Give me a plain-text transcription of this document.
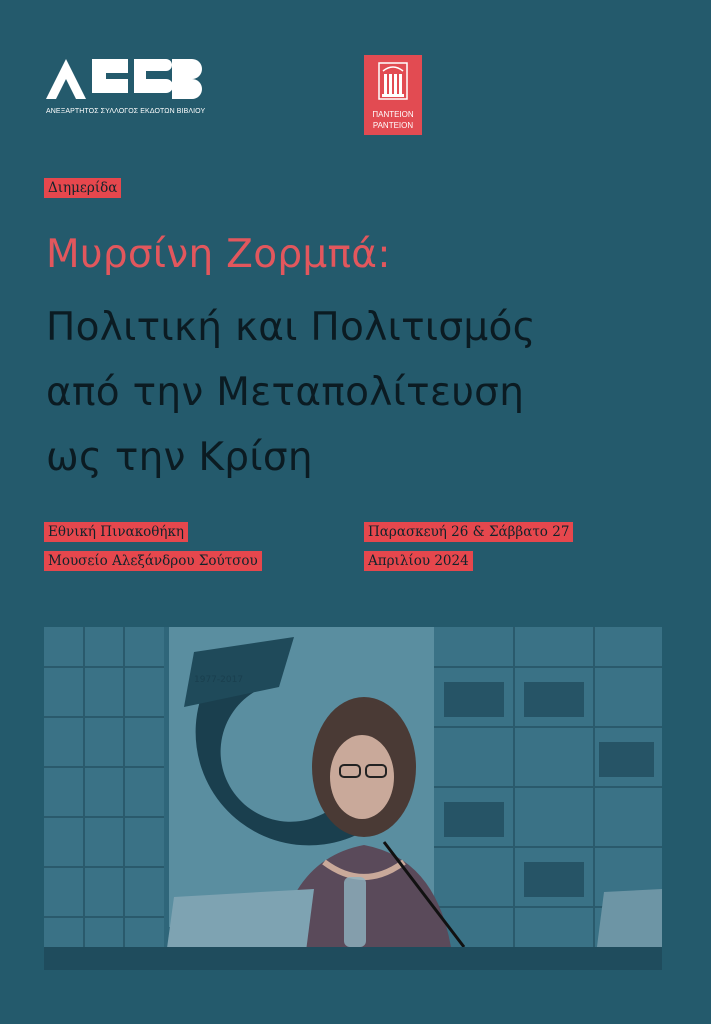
ΑΝΕΞΑΡΤΗΤΟΣ ΣΥΛΛΟΓΟΣ ΕΚΔΟΤΩΝ ΒΙΒΛΙΟΥ	ΠΑΝΤΕΙΟΝ
ΡΑΝΤΕΙΟΝ
Διημερίδα
Μυρσίνη Ζορμπά:
Πολιτική και Πολιτισμός
από την Μεταπολίτευση
ως την Κρίση
Εθνική Πινακοθήκη
Μουσείο Αλεξάνδρου Σούτσου
Παρασκευή 26 & Σάββατο 27
Απριλίου 2024
1977-2017
